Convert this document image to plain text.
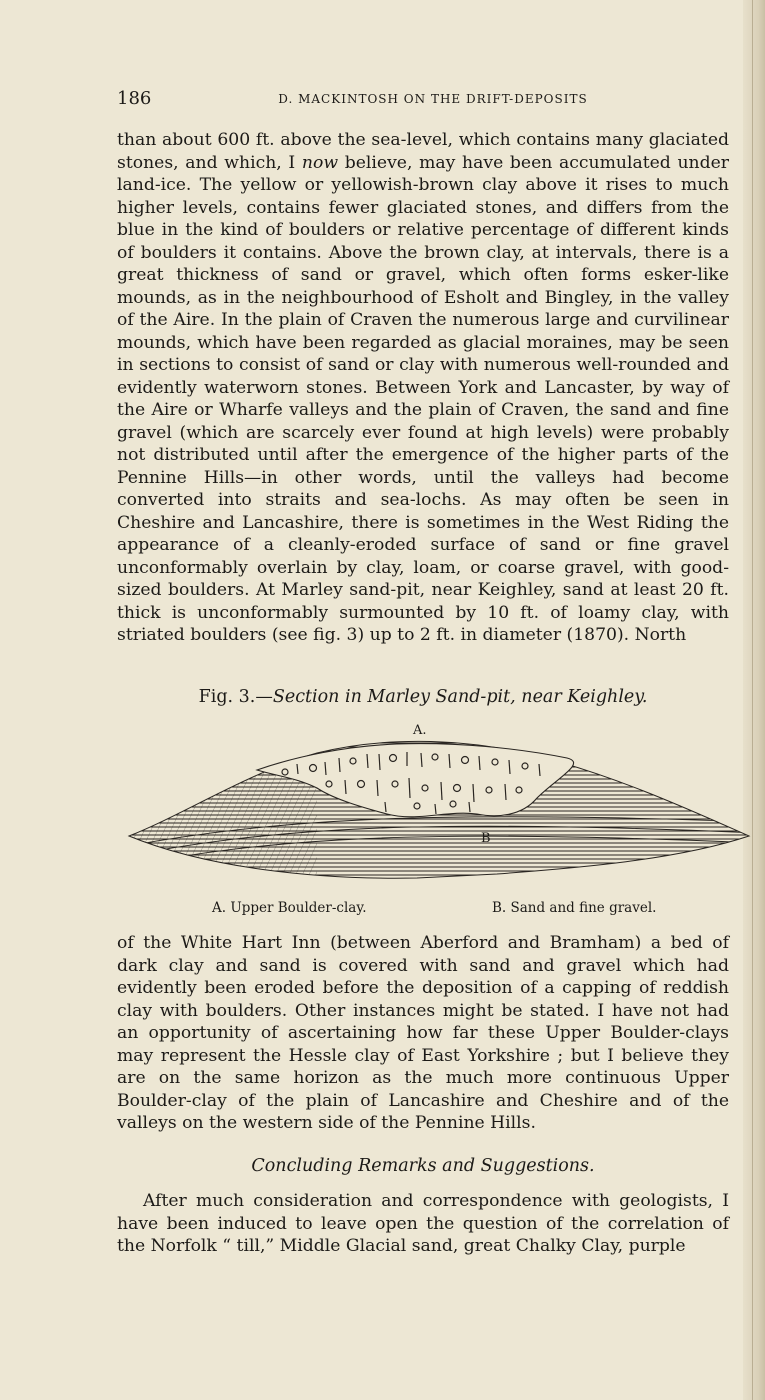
186	D. MACKINTOSH ON THE DRIFT-DEPOSITS

than about 600 ft. above the sea-level, which contains many glaciated stones, and which, I now believe, may have been accumulated under land-ice. The yellow or yellowish-brown clay above it rises to much higher levels, contains fewer glaciated stones, and differs from the blue in the kind of boulders or relative percentage of different kinds of boulders it contains. Above the brown clay, at intervals, there is a great thickness of sand or gravel, which often forms esker-like mounds, as in the neighbourhood of Esholt and Bingley, in the valley of the Aire. In the plain of Craven the numerous large and curvilinear mounds, which have been regarded as glacial moraines, may be seen in sections to consist of sand or clay with numerous well-rounded and evidently waterworn stones. Between York and Lancaster, by way of the Aire or Wharfe valleys and the plain of Craven, the sand and fine gravel (which are scarcely ever found at high levels) were probably not distributed until after the emergence of the higher parts of the Pennine Hills—in other words, until the valleys had become converted into straits and sea-lochs. As may often be seen in Cheshire and Lancashire, there is sometimes in the West Riding the appearance of a cleanly-eroded surface of sand or fine gravel unconformably overlain by clay, loam, or coarse gravel, with good-sized boulders. At Marley sand-pit, near Keighley, sand at least 20 ft. thick is unconformably surmounted by 10 ft. of loamy clay, with striated boulders (see fig. 3) up to 2 ft. in diameter (1870). North

Fig. 3.—Section in Marley Sand-pit, near Keighley.
A.
B
A. Upper Boulder-clay.	B. Sand and fine gravel.

of the White Hart Inn (between Aberford and Bramham) a bed of dark clay and sand is covered with sand and gravel which had evidently been eroded before the deposition of a capping of reddish clay with boulders. Other instances might be stated. I have not had an opportunity of ascertaining how far these Upper Boulder-clays may represent the Hessle clay of East Yorkshire ; but I believe they are on the same horizon as the much more continuous Upper Boulder-clay of the plain of Lancashire and Cheshire and of the valleys on the western side of the Pennine Hills.

Concluding Remarks and Suggestions.

After much consideration and correspondence with geologists, I have been induced to leave open the question of the correlation of the Norfolk “ till,” Middle Glacial sand, great Chalky Clay, purple
